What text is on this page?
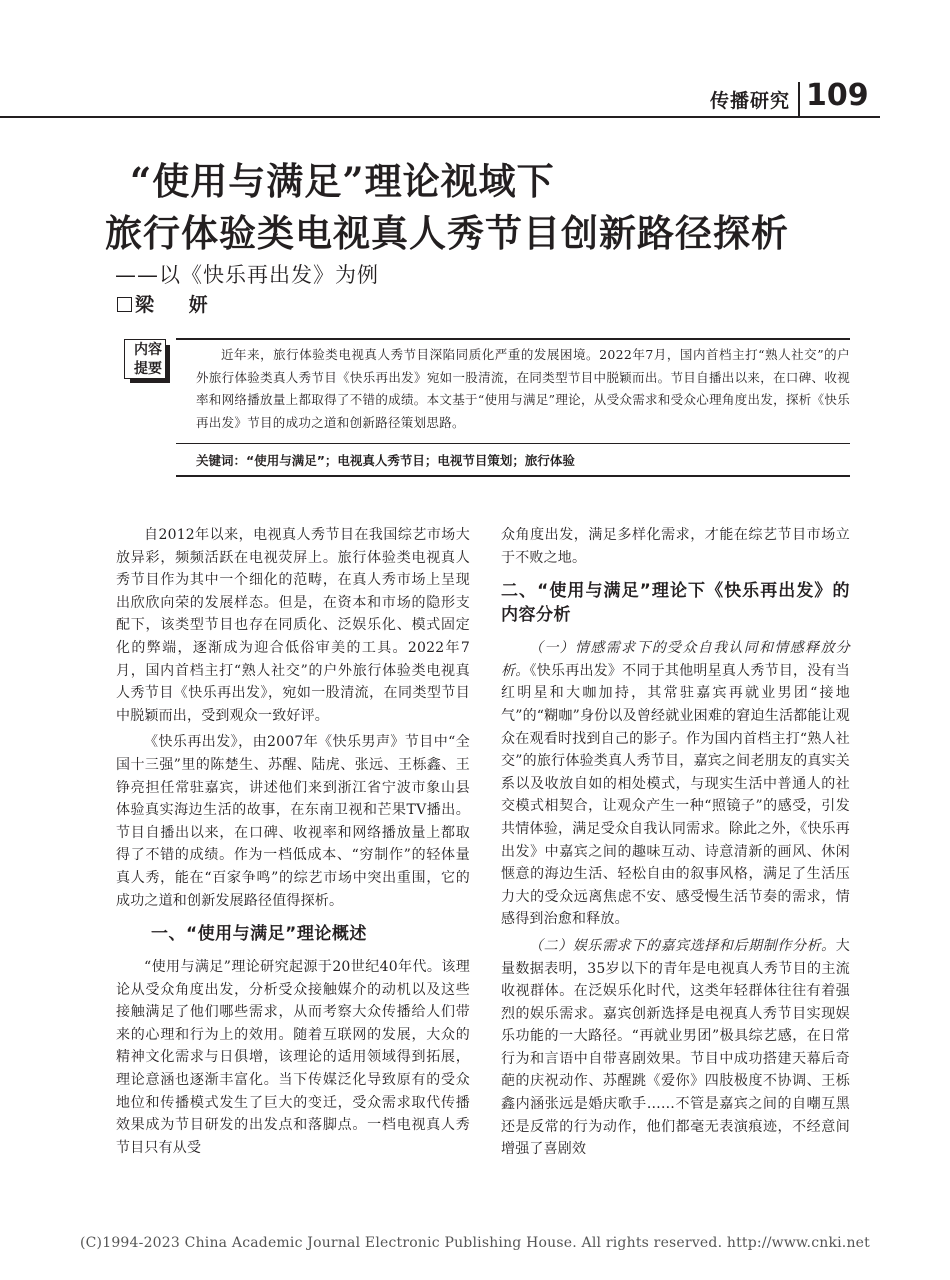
传播研究 109
“使用与满足”理论视域下
旅行体验类电视真人秀节目创新路径探析
——以《快乐再出发》为例
梁 妍
内容
提要
近年来，旅行体验类电视真人秀节目深陷同质化严重的发展困境。2022年7月，国内首档主打“熟人社交”的户外旅行体验类真人秀节目《快乐再出发》宛如一股清流，在同类型节目中脱颖而出。节目自播出以来，在口碑、收视率和网络播放量上都取得了不错的成绩。本文基于“使用与满足”理论，从受众需求和受众心理角度出发，探析《快乐再出发》节目的成功之道和创新路径策划思路。
关键词：“使用与满足”；电视真人秀节目；电视节目策划；旅行体验

自2012年以来，电视真人秀节目在我国综艺市场大放异彩，频频活跃在电视荧屏上。旅行体验类电视真人秀节目作为其中一个细化的范畴，在真人秀市场上呈现出欣欣向荣的发展样态。但是，在资本和市场的隐形支配下，该类型节目也存在同质化、泛娱乐化、模式固定化的弊端，逐渐成为迎合低俗审美的工具。2022年7月，国内首档主打“熟人社交”的户外旅行体验类电视真人秀节目《快乐再出发》，宛如一股清流，在同类型节目中脱颖而出，受到观众一致好评。

《快乐再出发》，由2007年《快乐男声》节目中“全国十三强”里的陈楚生、苏醒、陆虎、张远、王栎鑫、王铮亮担任常驻嘉宾，讲述他们来到浙江省宁波市象山县体验真实海边生活的故事，在东南卫视和芒果TV播出。节目自播出以来，在口碑、收视率和网络播放量上都取得了不错的成绩。作为一档低成本、“穷制作”的轻体量真人秀，能在“百家争鸣”的综艺市场中突出重围，它的成功之道和创新发展路径值得探析。

一、“使用与满足”理论概述

“使用与满足”理论研究起源于20世纪40年代。该理论从受众角度出发，分析受众接触媒介的动机以及这些接触满足了他们哪些需求，从而考察大众传播给人们带来的心理和行为上的效用。随着互联网的发展，大众的精神文化需求与日俱增，该理论的适用领域得到拓展，理论意涵也逐渐丰富化。当下传媒泛化导致原有的受众地位和传播模式发生了巨大的变迁，受众需求取代传播效果成为节目研发的出发点和落脚点。一档电视真人秀节目只有从受

众角度出发，满足多样化需求，才能在综艺节目市场立于不败之地。

二、“使用与满足”理论下《快乐再出发》的内容分析

（一）情感需求下的受众自我认同和情感释放分析。《快乐再出发》不同于其他明星真人秀节目，没有当红明星和大咖加持，其常驻嘉宾再就业男团“接地气”的“糊咖”身份以及曾经就业困难的窘迫生活都能让观众在观看时找到自己的影子。作为国内首档主打“熟人社交”的旅行体验类真人秀节目，嘉宾之间老朋友的真实关系以及收放自如的相处模式，与现实生活中普通人的社交模式相契合，让观众产生一种“照镜子”的感受，引发共情体验，满足受众自我认同需求。除此之外，《快乐再出发》中嘉宾之间的趣味互动、诗意清新的画风、休闲惬意的海边生活、轻松自由的叙事风格，满足了生活压力大的受众远离焦虑不安、感受慢生活节奏的需求，情感得到治愈和释放。

（二）娱乐需求下的嘉宾选择和后期制作分析。大量数据表明，35岁以下的青年是电视真人秀节目的主流收视群体。在泛娱乐化时代，这类年轻群体往往有着强烈的娱乐需求。嘉宾创新选择是电视真人秀节目实现娱乐功能的一大路径。“再就业男团”极具综艺感，在日常行为和言语中自带喜剧效果。节目中成功搭建天幕后奇葩的庆祝动作、苏醒跳《爱你》四肢极度不协调、王栎鑫内涵张远是婚庆歌手……不管是嘉宾之间的自嘲互黑还是反常的行为动作，他们都毫无表演痕迹，不经意间增强了喜剧效

(C)1994-2023 China Academic Journal Electronic Publishing House. All rights reserved. http://www.cnki.net
